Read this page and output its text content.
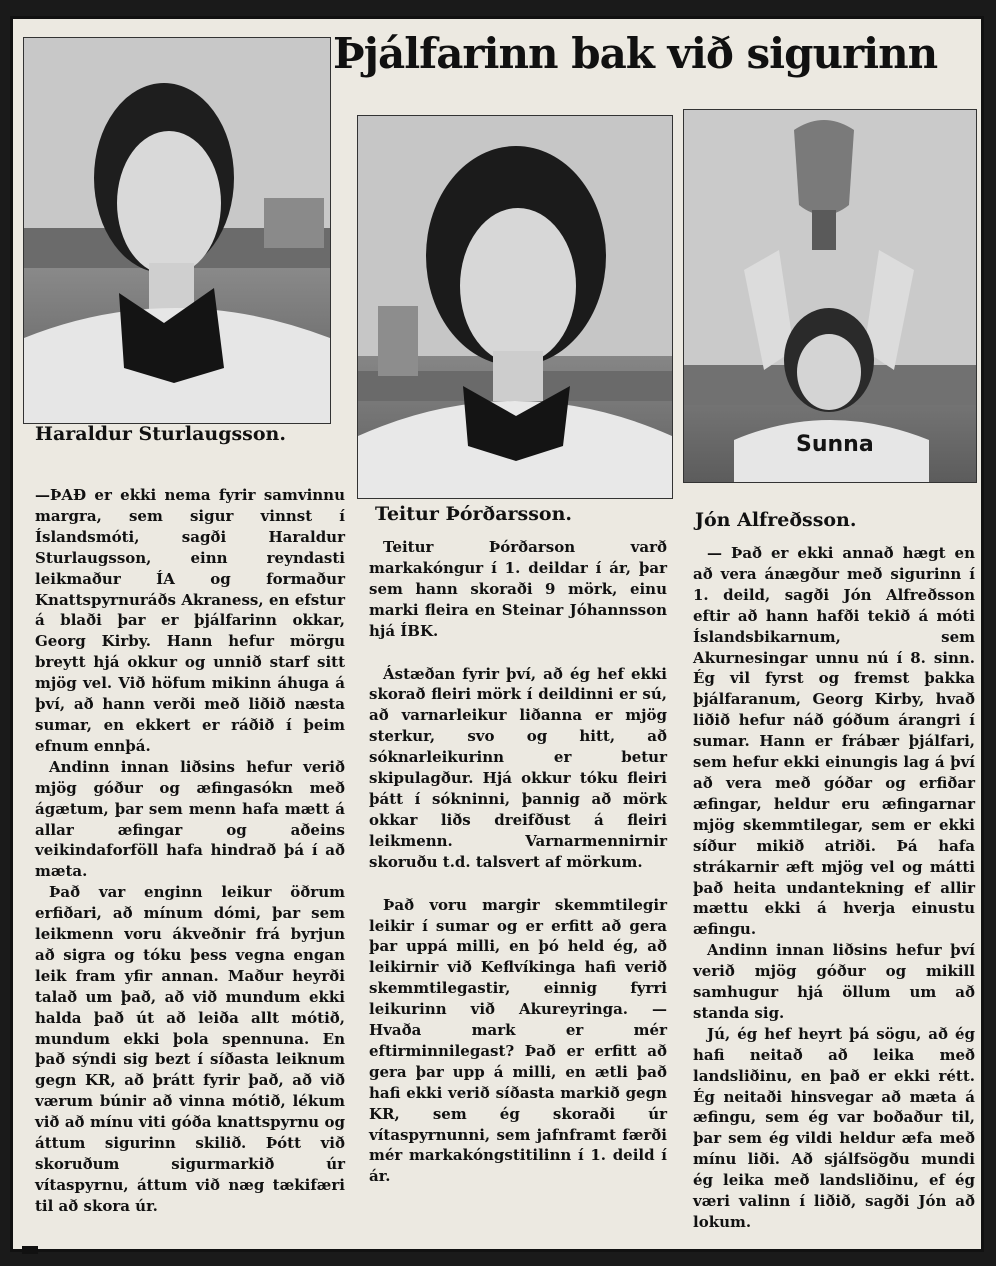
Þjálfarinn bak við sigurinn
Haraldur Sturlaugsson.
Teitur Þórðarsson.
Sunna
Jón Alfreðsson.

—ÞAÐ er ekki nema fyrir samvinnu margra, sem sigur vinnst í Íslandsmóti, sagði Haraldur Sturlaugsson, einn reyndasti leikmaður ÍA og formaður Knattspyrnuráðs Akraness, en efstur á blaði þar er þjálfarinn okkar, Georg Kirby. Hann hefur mörgu breytt hjá okkur og unnið starf sitt mjög vel. Við höfum mikinn áhuga á því, að hann verði með liðið næsta sumar, en ekkert er ráðið í þeim efnum ennþá.

Andinn innan liðsins hefur verið mjög góður og æfingasókn með ágætum, þar sem menn hafa mætt á allar æfingar og aðeins veikindaforföll hafa hindrað þá í að mæta.

Það var enginn leikur öðrum erfiðari, að mínum dómi, þar sem leikmenn voru ákveðnir frá byrjun að sigra og tóku þess vegna engan leik fram yfir annan. Maður heyrði talað um það, að við mundum ekki halda það út að leiða allt mótið, mundum ekki þola spennuna. En það sýndi sig bezt í síðasta leiknum gegn KR, að þrátt fyrir það, að við værum búnir að vinna mótið, lékum við að mínu viti góða knattspyrnu og áttum sigurinn skilið. Þótt við skoruðum sigurmarkið úr vítaspyrnu, áttum við næg tækifæri til að skora úr.

Teitur Þórðarson varð markakóngur í 1. deildar í ár, þar sem hann skoraði 9 mörk, einu marki fleira en Steinar Jóhannsson hjá ÍBK.

Ástæðan fyrir því, að ég hef ekki skorað fleiri mörk í deildinni er sú, að varnarleikur liðanna er mjög sterkur, svo og hitt, að sóknarleikurinn er betur skipulagður. Hjá okkur tóku fleiri þátt í sókninni, þannig að mörk okkar liðs dreifðust á fleiri leikmenn. Varnarmennirnir skoruðu t.d. talsvert af mörkum.

Það voru margir skemmtilegir leikir í sumar og er erfitt að gera þar uppá milli, en þó held ég, að leikirnir við Keflvíkinga hafi verið skemmtilegastir, einnig fyrri leikurinn við Akureyringa. — Hvaða mark er mér eftirminnilegast? Það er erfitt að gera þar upp á milli, en ætli það hafi ekki verið síðasta markið gegn KR, sem ég skoraði úr vítaspyrnunni, sem jafnframt færði mér markakóngstitilinn í 1. deild í ár.

— Það er ekki annað hægt en að vera ánægður með sigurinn í 1. deild, sagði Jón Alfreðsson eftir að hann hafði tekið á móti Íslandsbikarnum, sem Akurnesingar unnu nú í 8. sinn. Ég vil fyrst og fremst þakka þjálfaranum, Georg Kirby, hvað liðið hefur náð góðum árangri í sumar. Hann er frábær þjálfari, sem hefur ekki einungis lag á því að vera með góðar og erfiðar æfingar, heldur eru æfingarnar mjög skemmtilegar, sem er ekki síður mikið atriði. Þá hafa strákarnir æft mjög vel og mátti það heita undantekning ef allir mættu ekki á hverja einustu æfingu.

Andinn innan liðsins hefur því verið mjög góður og mikill samhugur hjá öllum um að standa sig.

Jú, ég hef heyrt þá sögu, að ég hafi neitað að leika með landsliðinu, en það er ekki rétt. Ég neitaði hinsvegar að mæta á æfingu, sem ég var boðaður til, þar sem ég vildi heldur æfa með mínu liði. Að sjálfsögðu mundi ég leika með landsliðinu, ef ég væri valinn í liðið, sagði Jón að lokum.
